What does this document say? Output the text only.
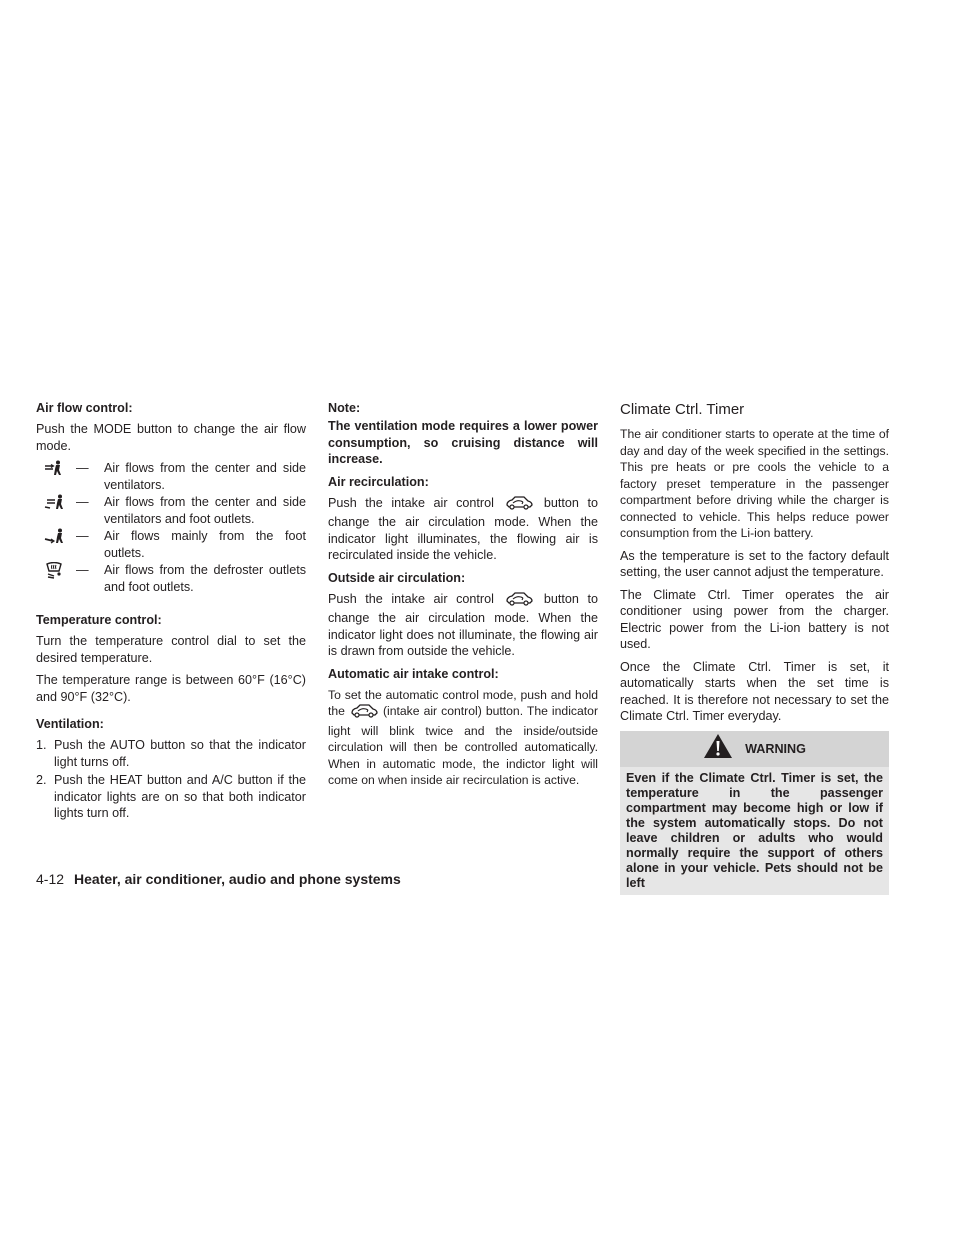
Air flow control:
Push the MODE button to change the air flow mode.
—	Air flows from the center and side ventilators.
—	Air flows from the center and side ventilators and foot outlets.
—	Air flows mainly from the foot outlets.
—	Air flows from the defroster outlets and foot outlets.
Temperature control:
Turn the temperature control dial to set the desired temperature.
The temperature range is between 60°F (16°C) and 90°F (32°C).
Ventilation:
1. Push the AUTO button so that the indicator light turns off.
2. Push the HEAT button and A/C button if the indicator lights are on so that both indicator lights turn off.
Note:
The ventilation mode requires a lower power consumption, so cruising distance will increase.
Air recirculation:
Push the intake air control	button to change the air circulation mode. When the indicator light illuminates, the flowing air is recirculated inside the vehicle.
Outside air circulation:
Push the intake air control	button to change the air circulation mode. When the indicator light does not illuminate, the flowing air is drawn from outside the vehicle.
Automatic air intake control:
To set the automatic control mode, push and hold the	(intake air control) button. The indicator light will blink twice and the inside/outside circulation will then be controlled automatically. When in automatic mode, the indictor light will come on when inside air recirculation is active.
Climate Ctrl. Timer
The air conditioner starts to operate at the time of day and day of the week specified in the settings. This pre heats or pre cools the vehicle to a factory preset temperature in the passenger compartment before driving while the charger is connected to vehicle. This helps reduce power consumption from the Li-ion battery.
As the temperature is set to the factory default setting, the user cannot adjust the temperature.
The Climate Ctrl. Timer operates the air conditioner using power from the charger. Electric power from the Li-ion battery is not used.
Once the Climate Ctrl. Timer is set, it automatically starts when the set time is reached. It is therefore not necessary to set the Climate Ctrl. Timer everyday.
WARNING
Even if the Climate Ctrl. Timer is set, the temperature in the passenger compartment may become high or low if the system automatically stops. Do not leave children or adults who would normally require the support of others alone in your vehicle. Pets should not be left
4-12 Heater, air conditioner, audio and phone systems
